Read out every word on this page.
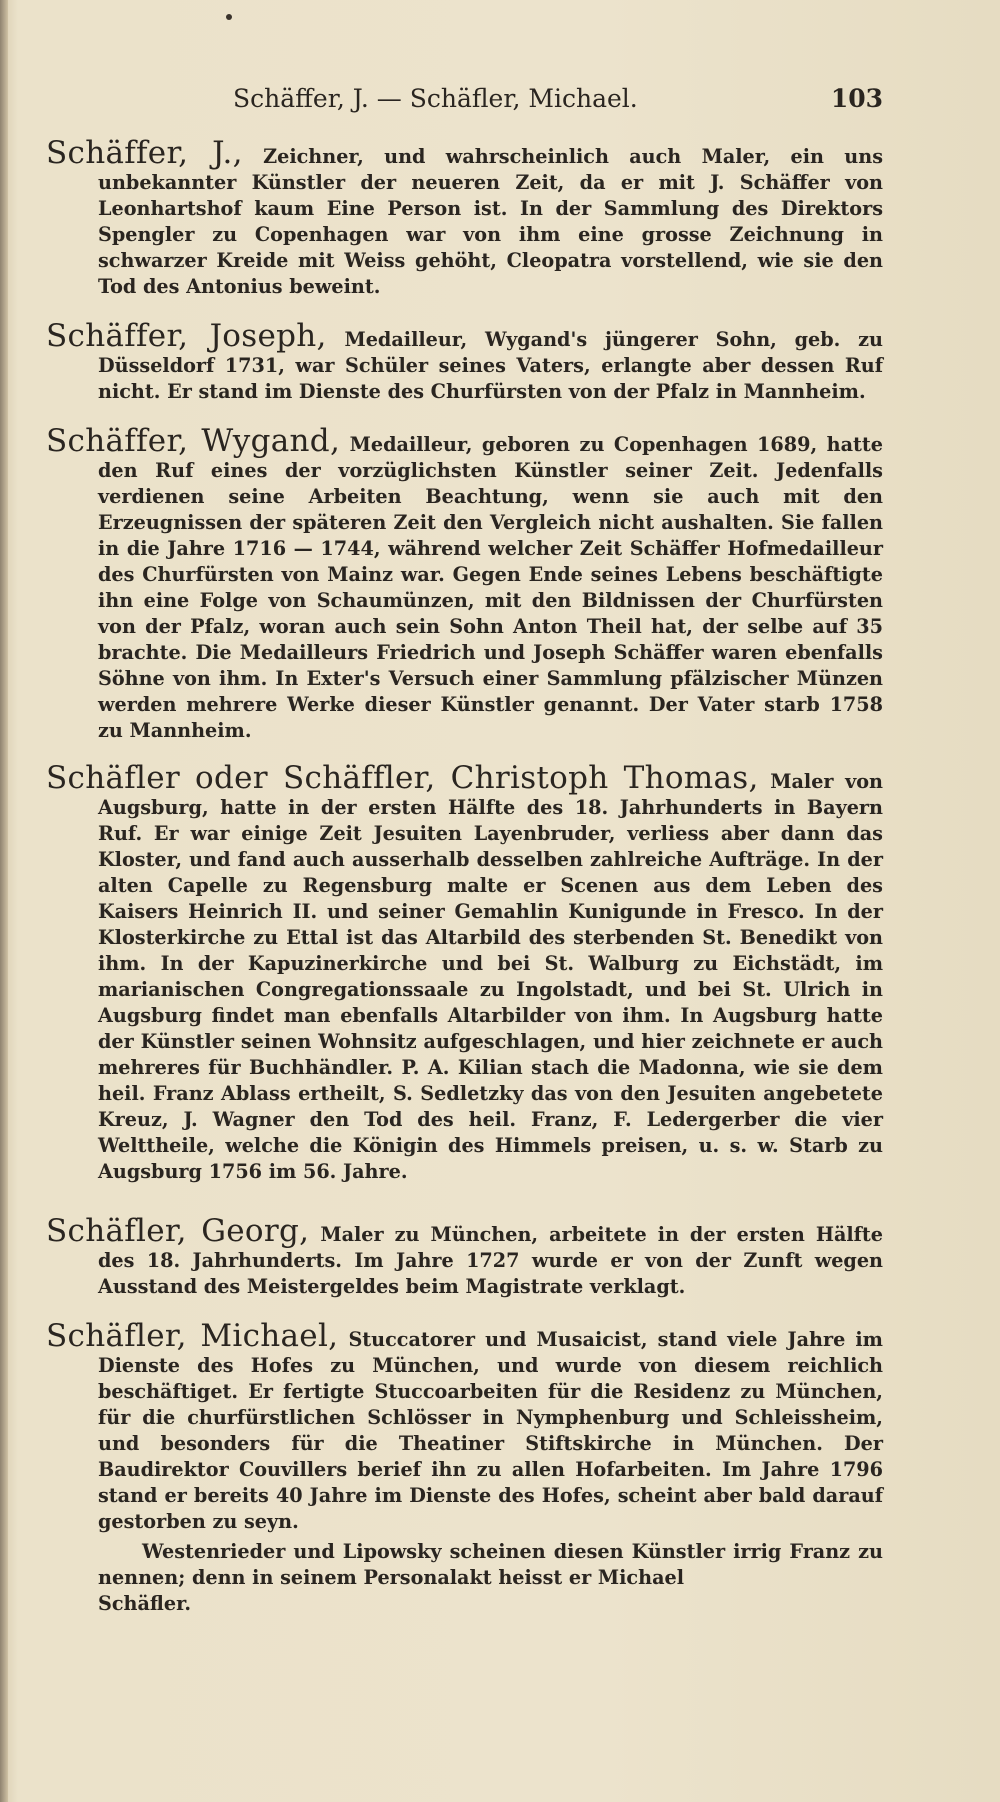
Schäffer, J. — Schäfler, Michael.	103

Schäffer, J., Zeichner, und wahrscheinlich auch Maler, ein uns unbekannter Künstler der neueren Zeit, da er mit J. Schäffer von Leonhartshof kaum Eine Person ist. In der Sammlung des Direktors Spengler zu Copenhagen war von ihm eine grosse Zeichnung in schwarzer Kreide mit Weiss gehöht, Cleopatra vorstellend, wie sie den Tod des Antonius beweint.

Schäffer, Joseph, Medailleur, Wygand's jüngerer Sohn, geb. zu Düsseldorf 1731, war Schüler seines Vaters, erlangte aber dessen Ruf nicht. Er stand im Dienste des Churfürsten von der Pfalz in Mannheim.

Schäffer, Wygand, Medailleur, geboren zu Copenhagen 1689, hatte den Ruf eines der vorzüglichsten Künstler seiner Zeit. Jedenfalls verdienen seine Arbeiten Beachtung, wenn sie auch mit den Erzeugnissen der späteren Zeit den Vergleich nicht aushalten. Sie fallen in die Jahre 1716 — 1744, während welcher Zeit Schäffer Hofmedailleur des Churfürsten von Mainz war. Gegen Ende seines Lebens beschäftigte ihn eine Folge von Schaumünzen, mit den Bildnissen der Churfürsten von der Pfalz, woran auch sein Sohn Anton Theil hat, der selbe auf 35 brachte. Die Medailleurs Friedrich und Joseph Schäffer waren ebenfalls Söhne von ihm. In Exter's Versuch einer Sammlung pfälzischer Münzen werden mehrere Werke dieser Künstler genannt. Der Vater starb 1758 zu Mannheim.

Schäfler oder Schäffler, Christoph Thomas, Maler von Augsburg, hatte in der ersten Hälfte des 18. Jahrhunderts in Bayern Ruf. Er war einige Zeit Jesuiten Layenbruder, verliess aber dann das Kloster, und fand auch ausserhalb desselben zahlreiche Aufträge. In der alten Capelle zu Regensburg malte er Scenen aus dem Leben des Kaisers Heinrich II. und seiner Gemahlin Kunigunde in Fresco. In der Klosterkirche zu Ettal ist das Altarbild des sterbenden St. Benedikt von ihm. In der Kapuzinerkirche und bei St. Walburg zu Eichstädt, im marianischen Congregationssaale zu Ingolstadt, und bei St. Ulrich in Augsburg findet man ebenfalls Altarbilder von ihm. In Augsburg hatte der Künstler seinen Wohnsitz aufgeschlagen, und hier zeichnete er auch mehreres für Buchhändler. P. A. Kilian stach die Madonna, wie sie dem heil. Franz Ablass ertheilt, S. Sedletzky das von den Jesuiten angebetete Kreuz, J. Wagner den Tod des heil. Franz, F. Ledergerber die vier Welttheile, welche die Königin des Himmels preisen, u. s. w. Starb zu Augsburg 1756 im 56. Jahre.

Schäfler, Georg, Maler zu München, arbeitete in der ersten Hälfte des 18. Jahrhunderts. Im Jahre 1727 wurde er von der Zunft wegen Ausstand des Meistergeldes beim Magistrate verklagt.

Schäfler, Michael, Stuccatorer und Musaicist, stand viele Jahre im Dienste des Hofes zu München, und wurde von diesem reichlich beschäftiget. Er fertigte Stuccoarbeiten für die Residenz zu München, für die churfürstlichen Schlösser in Nymphenburg und Schleissheim, und besonders für die Theatiner Stiftskirche in München. Der Baudirektor Couvillers berief ihn zu allen Hofarbeiten. Im Jahre 1796 stand er bereits 40 Jahre im Dienste des Hofes, scheint aber bald darauf gestorben zu seyn.

Westenrieder und Lipowsky scheinen diesen Künstler irrig Franz zu nennen; denn in seinem Personalakt heisst er Michael
Schäfler.
